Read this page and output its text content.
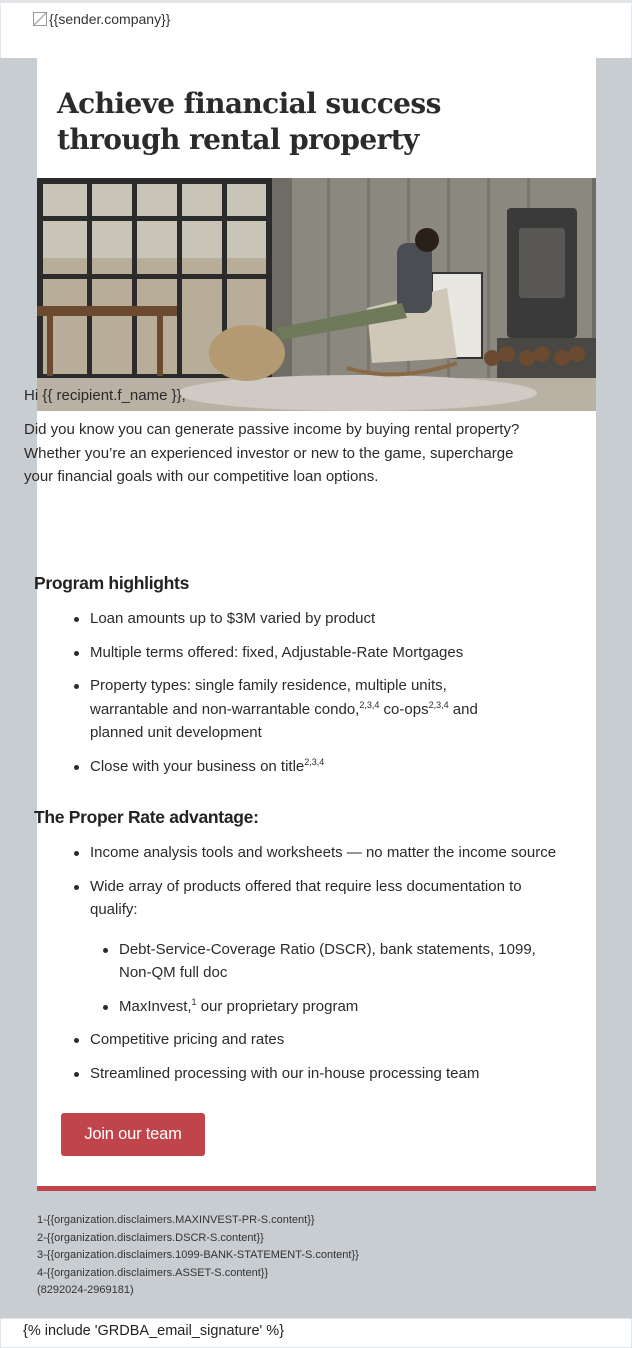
{{sender.company}}
Achieve financial success through rental property
Hi {{ recipient.f_name }},

Did you know you can generate passive income by buying rental property? Whether you’re an experienced investor or new to the game, supercharge your financial goals with our competitive loan options.

Program highlights
Loan amounts up to $3M varied by product
Multiple terms offered: fixed, Adjustable-Rate Mortgages
Property types: single family residence, multiple units, warrantable and non-warrantable condo,$^{2,3,4}$ co-ops$^{2,3,4}$ and planned unit development
Close with your business on title$^{2,3,4}$
The Proper Rate advantage:
Income analysis tools and worksheets — no matter the income source
Wide array of products offered that require less documentation to qualify:
Debt-Service-Coverage Ratio (DSCR), bank statements, 1099, Non-QM full doc
MaxInvest,$^1$ our proprietary program
Competitive pricing and rates
Streamlined processing with our in-house processing team
Join our team
1-{{organization.disclaimers.MAXINVEST-PR-S.content}}
2-{{organization.disclaimers.DSCR-S.content}}
3-{{organization.disclaimers.1099-BANK-STATEMENT-S.content}}
4-{{organization.disclaimers.ASSET-S.content}}
(8292024-2969181)
{% include 'GRDBA_email_signature' %}
